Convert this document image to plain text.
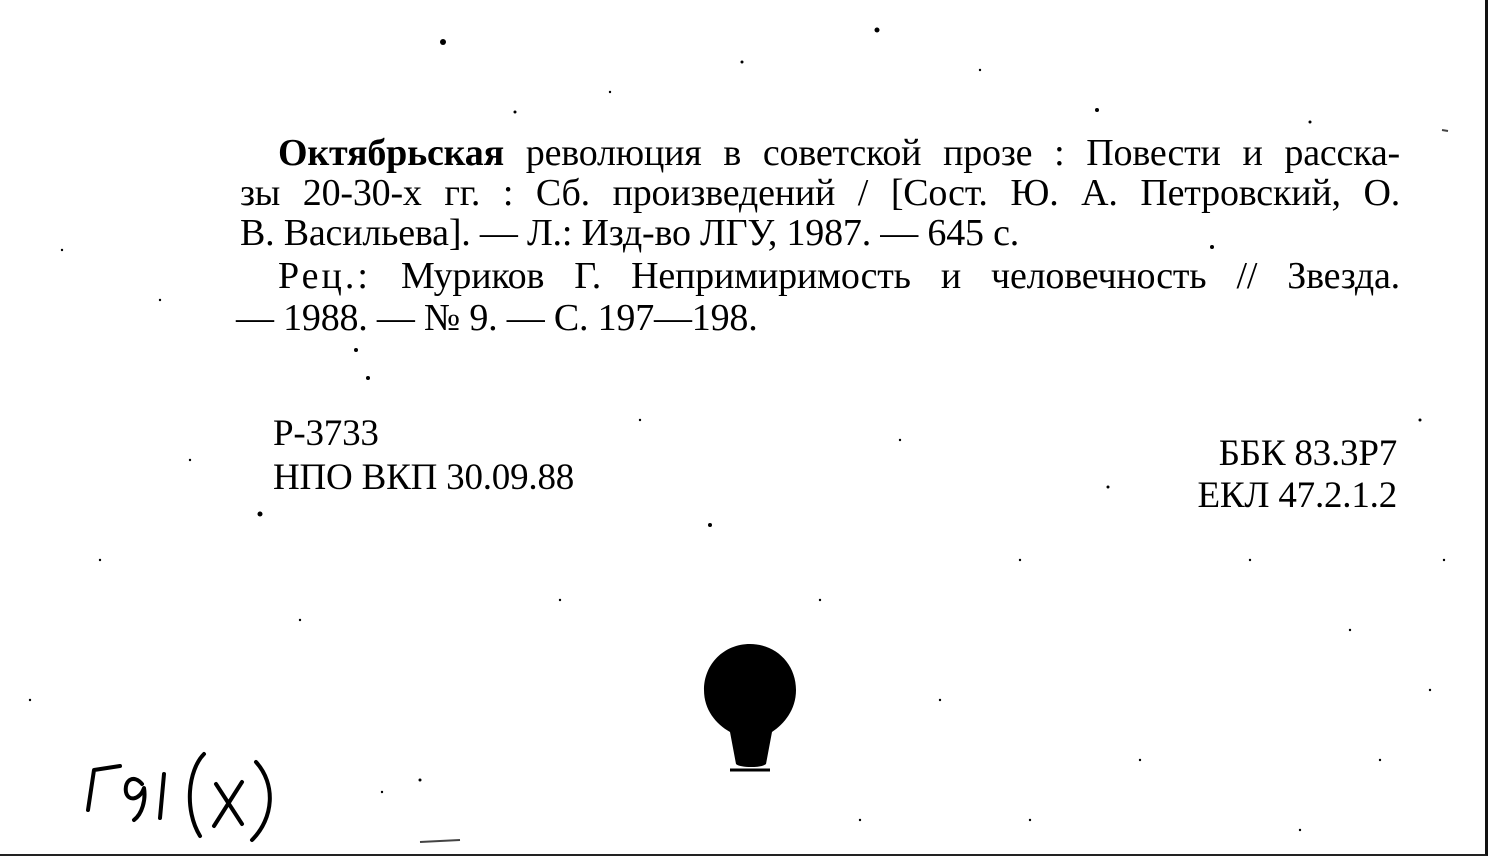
Октябрьская революция в советской прозе : Повести и расска-
зы 20-30-х гг. : Сб. произведений / [Сост. Ю. А. Петровский, О.
В. Васильева]. — Л.: Изд-во ЛГУ, 1987. — 645 с.
Рец.: Муриков Г. Непримиримость и человечность // Звезда.
— 1988. — № 9. — С. 197—198.
Р-3733
НПО ВКП 30.09.88
ББК 83.3Р7
ЕКЛ 47.2.1.2
